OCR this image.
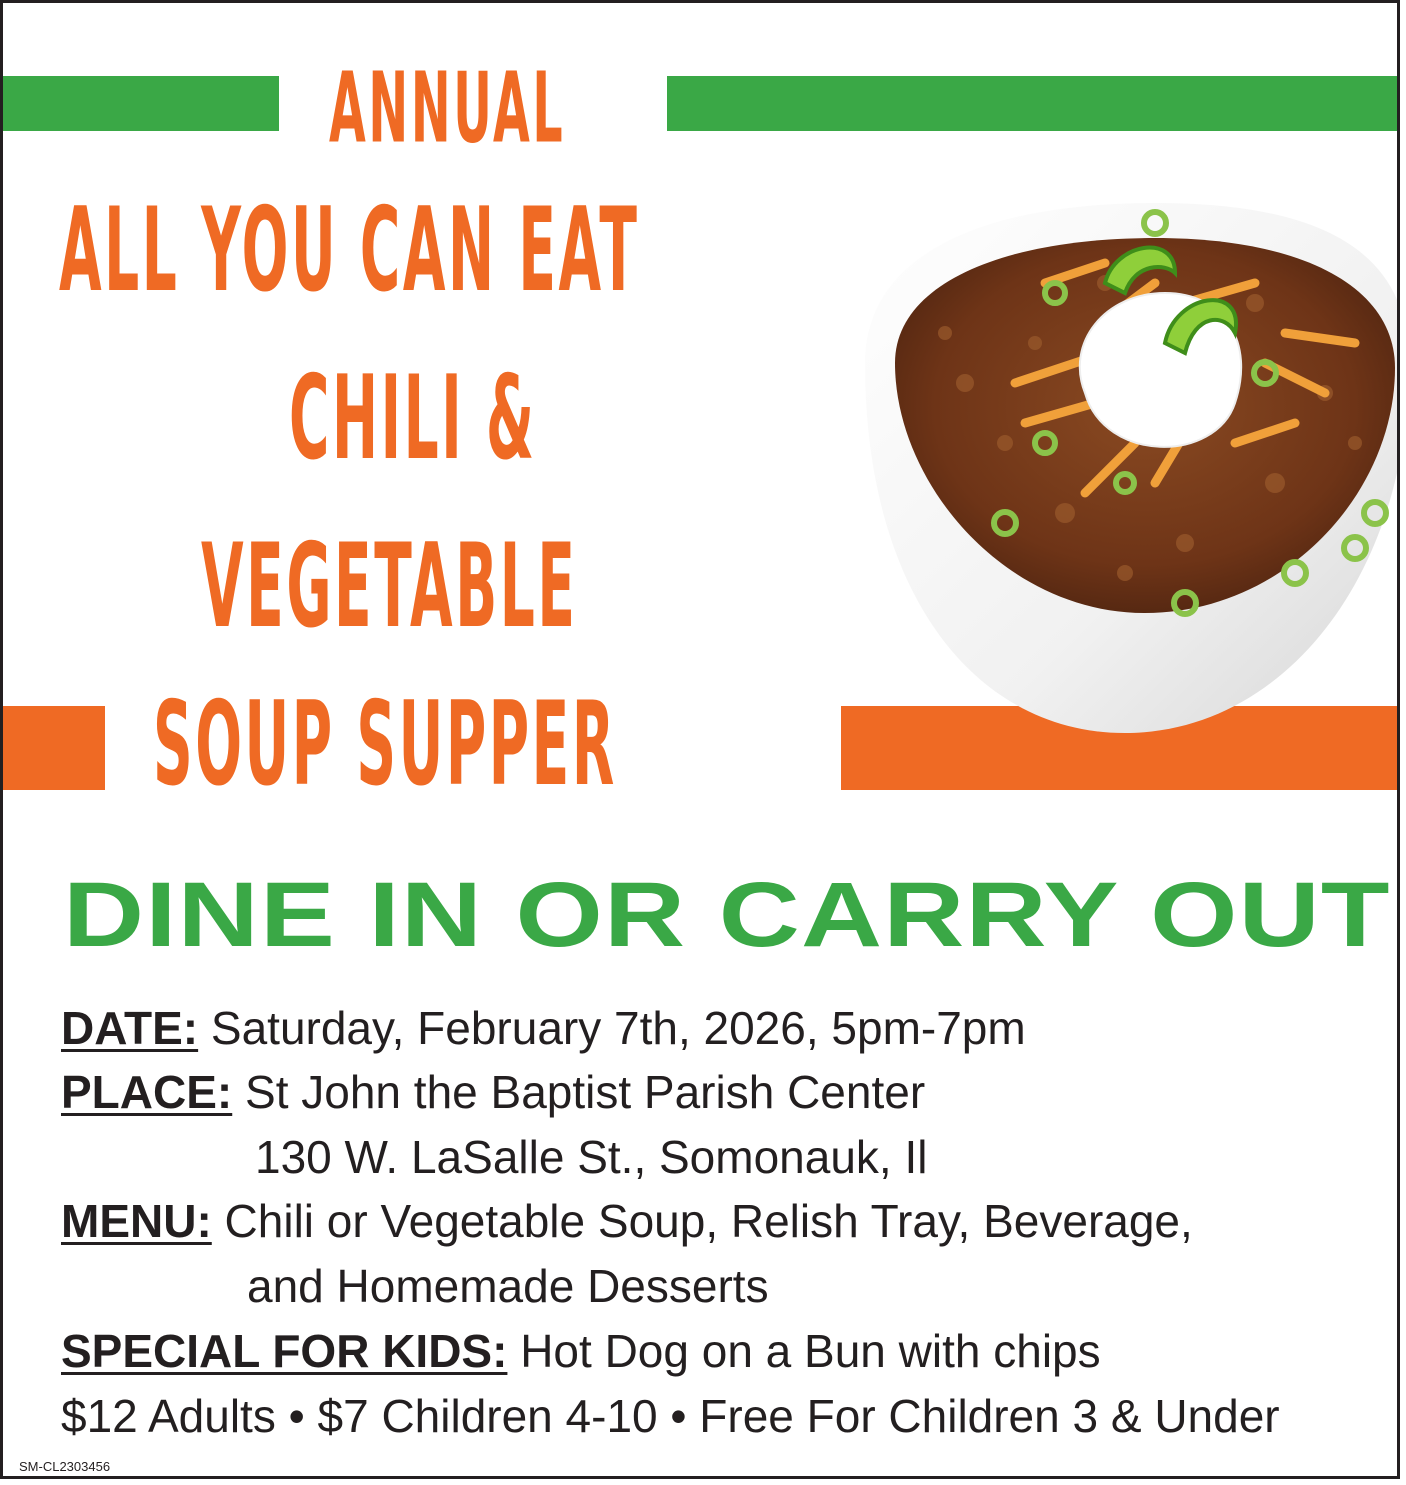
ANNUAL
ALL YOU CAN EAT
CHILI &
VEGETABLE
SOUP SUPPER
DINE IN OR CARRY OUT
DATE: Saturday, February 7th, 2026, 5pm-7pm
PLACE: St John the Baptist Parish Center
130 W. LaSalle St., Somonauk, Il
MENU: Chili or Vegetable Soup, Relish Tray, Beverage,
and Homemade Desserts
SPECIAL FOR KIDS: Hot Dog on a Bun with chips
$12 Adults • $7 Children 4-10 • Free For Children 3 & Under
SM-CL2303456
